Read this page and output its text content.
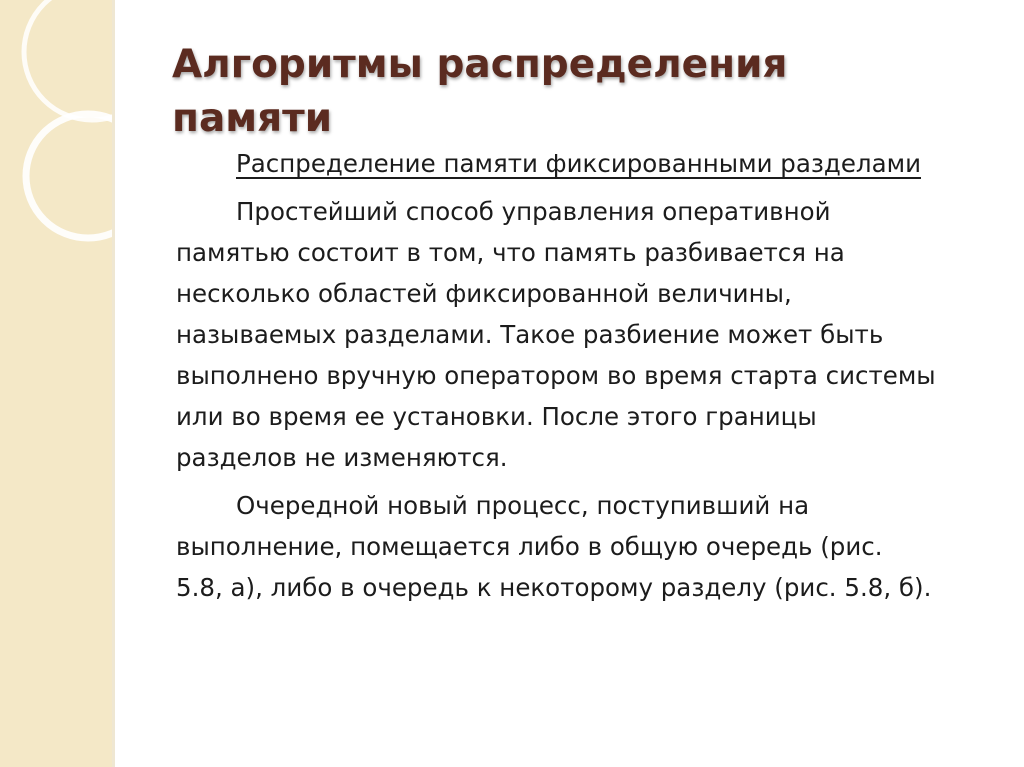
Алгоритмы распределения памяти

Распределение памяти фиксированными разделами

Простейший способ управления оперативной памятью состоит в том, что память разбивается на несколько областей фиксированной величины, называемых разделами. Такое разбиение может быть выполнено вручную оператором во время старта системы или во время ее установки. После этого границы разделов не изменяются.

Очередной новый процесс, поступивший на выполнение, помещается либо в общую очередь (рис. 5.8, а), либо в очередь к некоторому разделу (рис. 5.8, б).
